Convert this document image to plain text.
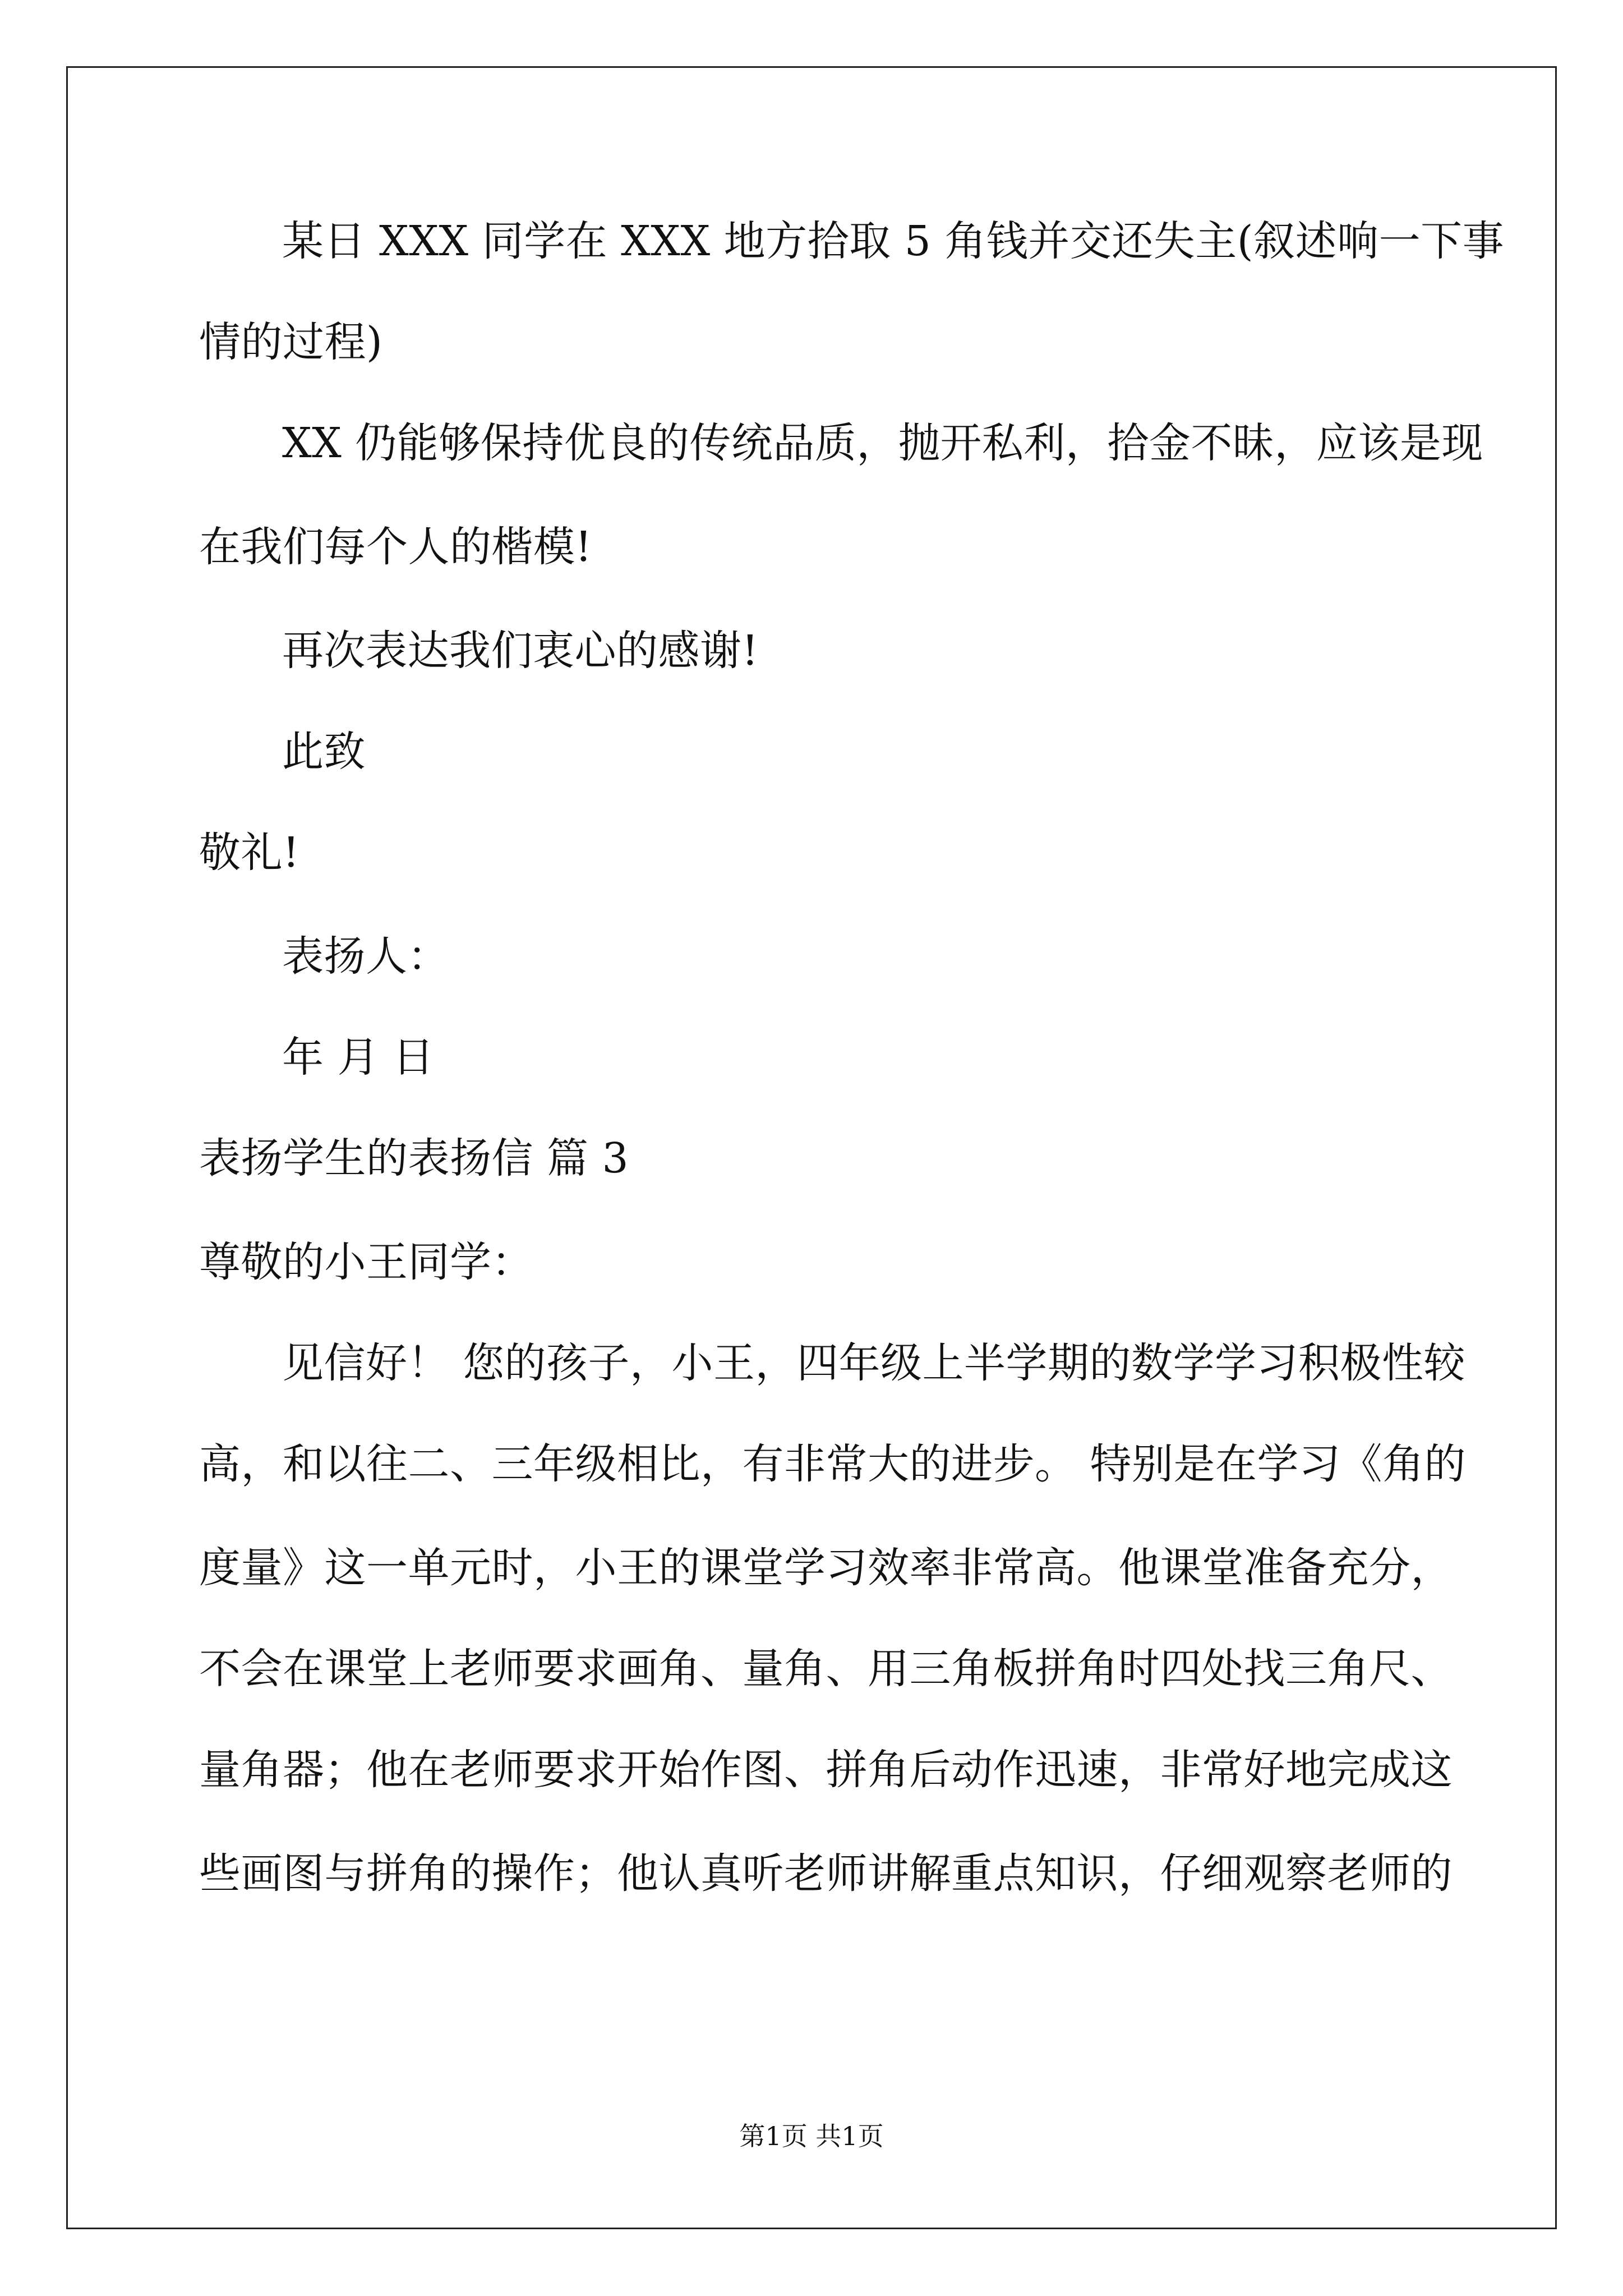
某日 XXX 同学在 XXX 地方拾取 5 角钱并交还失主(叙述响一下事
情的过程)
XX 仍能够保持优良的传统品质，抛开私利，拾金不昧，应该是现
在我们每个人的楷模!
再次表达我们衷心的感谢!
此致
敬礼!
表扬人：
年 月 日
表扬学生的表扬信 篇 3
尊敬的小王同学：
见信好！ 您的孩子，小王，四年级上半学期的数学学习积极性较
高，和以往二、三年级相比，有非常大的进步。 特别是在学习《角的
度量》这一单元时，小王的课堂学习效率非常高。他课堂准备充分，
不会在课堂上老师要求画角、量角、用三角板拼角时四处找三角尺、
量角器；他在老师要求开始作图、拼角后动作迅速，非常好地完成这
些画图与拼角的操作；他认真听老师讲解重点知识，仔细观察老师的
第1页 共1页
